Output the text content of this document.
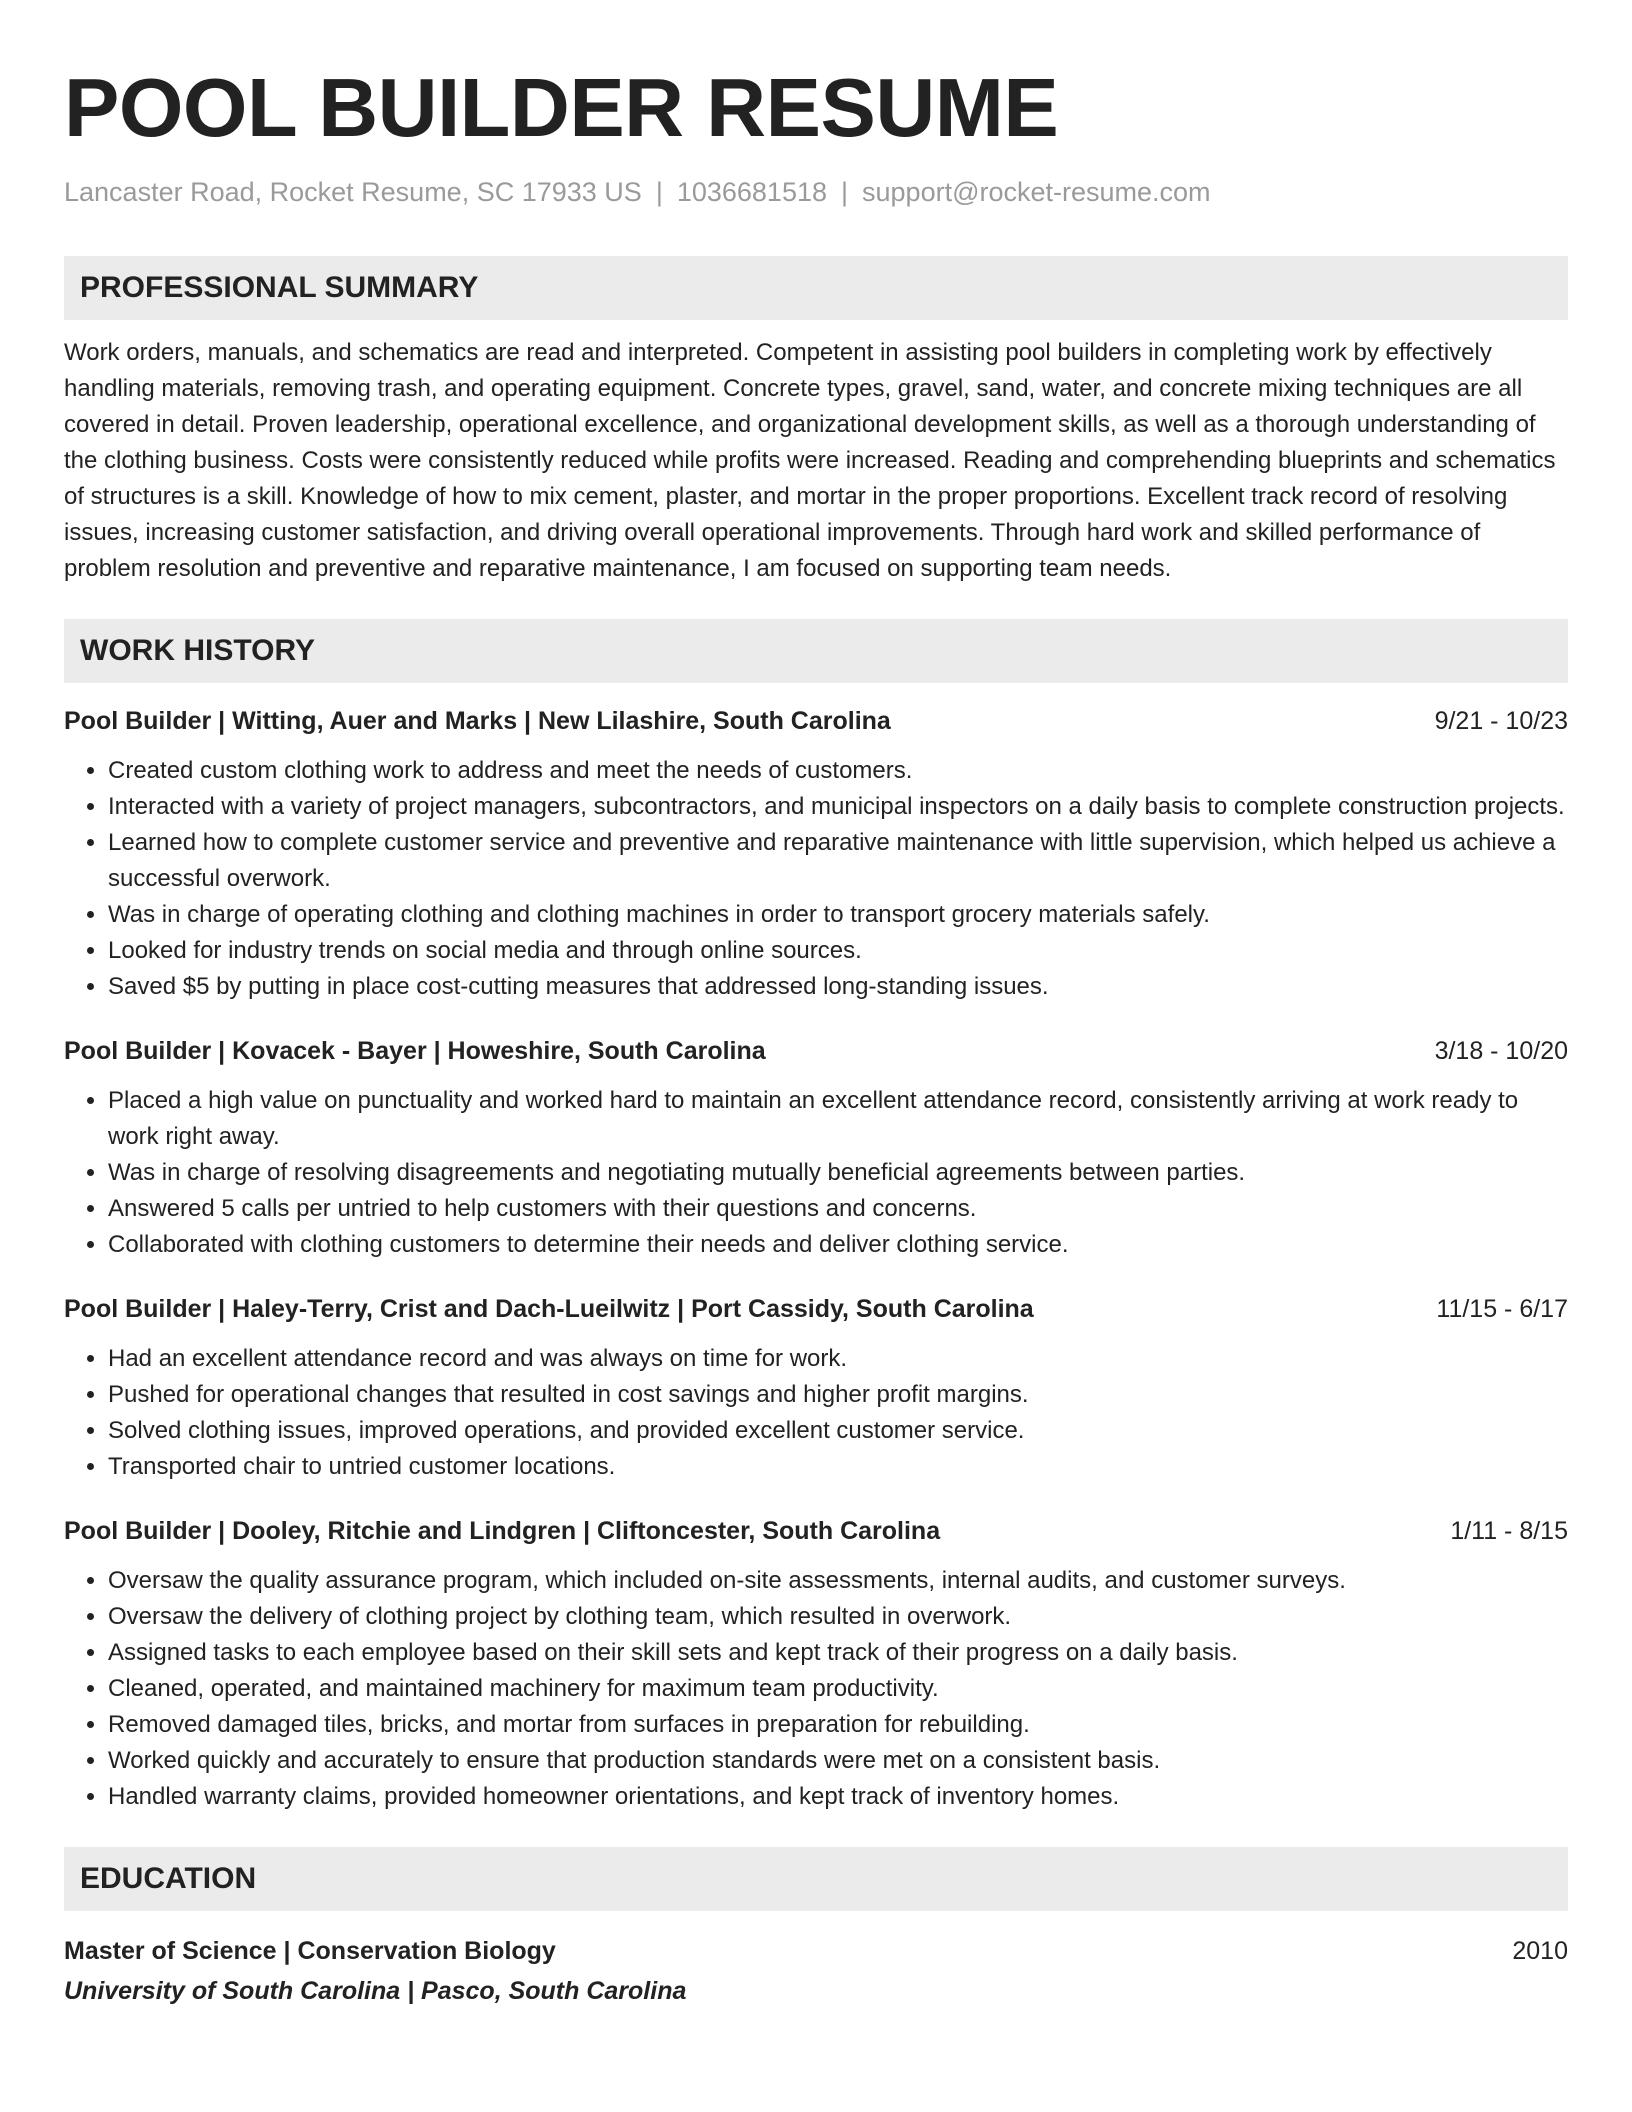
POOL BUILDER RESUME
Lancaster Road, Rocket Resume, SC 17933 US | 1036681518 | support@rocket-resume.com
PROFESSIONAL SUMMARY
Work orders, manuals, and schematics are read and interpreted. Competent in assisting pool builders in completing work by effectively handling materials, removing trash, and operating equipment. Concrete types, gravel, sand, water, and concrete mixing techniques are all covered in detail. Proven leadership, operational excellence, and organizational development skills, as well as a thorough understanding of the clothing business. Costs were consistently reduced while profits were increased. Reading and comprehending blueprints and schematics of structures is a skill. Knowledge of how to mix cement, plaster, and mortar in the proper proportions. Excellent track record of resolving issues, increasing customer satisfaction, and driving overall operational improvements. Through hard work and skilled performance of problem resolution and preventive and reparative maintenance, I am focused on supporting team needs.
WORK HISTORY
Pool Builder | Witting, Auer and Marks | New Lilashire, South Carolina	9/21 - 10/23
• Created custom clothing work to address and meet the needs of customers.
• Interacted with a variety of project managers, subcontractors, and municipal inspectors on a daily basis to complete construction projects.
• Learned how to complete customer service and preventive and reparative maintenance with little supervision, which helped us achieve a successful overwork.
• Was in charge of operating clothing and clothing machines in order to transport grocery materials safely.
• Looked for industry trends on social media and through online sources.
• Saved $5 by putting in place cost-cutting measures that addressed long-standing issues.
Pool Builder | Kovacek - Bayer | Howeshire, South Carolina	3/18 - 10/20
• Placed a high value on punctuality and worked hard to maintain an excellent attendance record, consistently arriving at work ready to work right away.
• Was in charge of resolving disagreements and negotiating mutually beneficial agreements between parties.
• Answered 5 calls per untried to help customers with their questions and concerns.
• Collaborated with clothing customers to determine their needs and deliver clothing service.
Pool Builder | Haley-Terry, Crist and Dach-Lueilwitz | Port Cassidy, South Carolina	11/15 - 6/17
• Had an excellent attendance record and was always on time for work.
• Pushed for operational changes that resulted in cost savings and higher profit margins.
• Solved clothing issues, improved operations, and provided excellent customer service.
• Transported chair to untried customer locations.
Pool Builder | Dooley, Ritchie and Lindgren | Cliftoncester, South Carolina	1/11 - 8/15
• Oversaw the quality assurance program, which included on-site assessments, internal audits, and customer surveys.
• Oversaw the delivery of clothing project by clothing team, which resulted in overwork.
• Assigned tasks to each employee based on their skill sets and kept track of their progress on a daily basis.
• Cleaned, operated, and maintained machinery for maximum team productivity.
• Removed damaged tiles, bricks, and mortar from surfaces in preparation for rebuilding.
• Worked quickly and accurately to ensure that production standards were met on a consistent basis.
• Handled warranty claims, provided homeowner orientations, and kept track of inventory homes.
EDUCATION
Master of Science | Conservation Biology	2010
University of South Carolina | Pasco, South Carolina
